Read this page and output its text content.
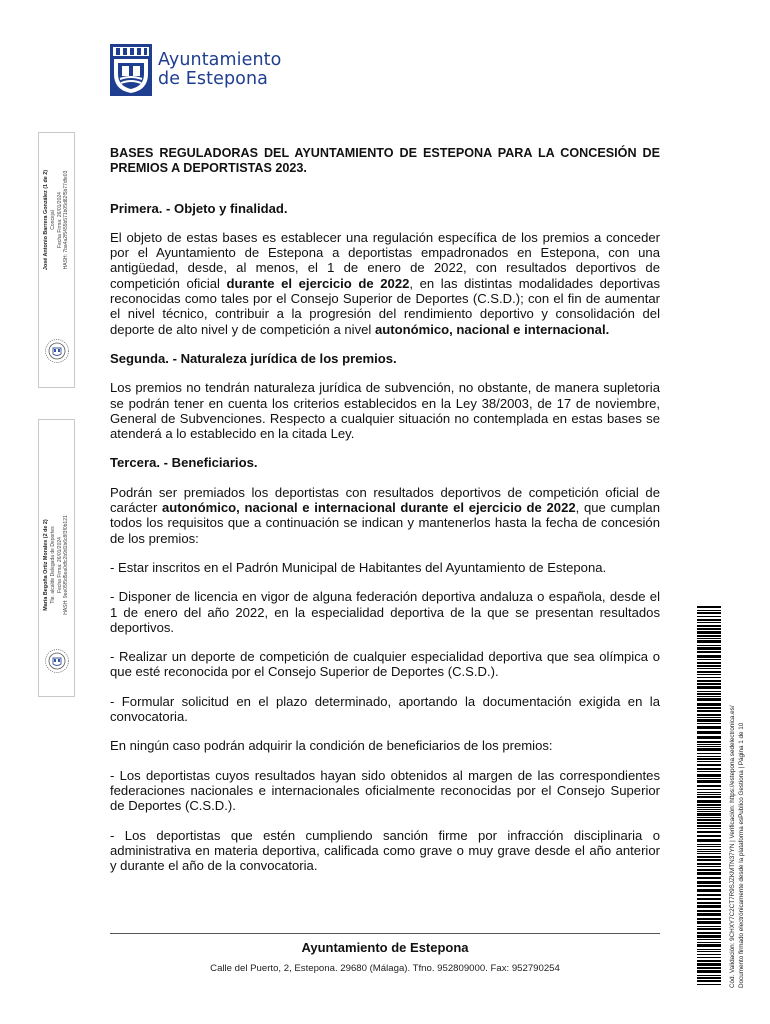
Ayuntamiento
de Estepona
José Antonio Barrera González (1 de 2) Concejal Fecha Firma: 26/01/2024 HASH: 7ba4a2f5455b571b05d82f5b77dfe03
María Begoña Ortiz Morales (2 de 2) Tte. alcalde Delegada de Deportes Fecha Firma: 26/01/2024 HASH: 9ee05f5d5ea0dfc2b9d1b6c8f3f0b121
BASES REGULADORAS DEL AYUNTAMIENTO DE ESTEPONA PARA LA CONCESIÓN DE PREMIOS A DEPORTISTAS 2023.
Primera. - Objeto y finalidad.
El objeto de estas bases es establecer una regulación específica de los premios a conceder por el Ayuntamiento de Estepona a deportistas empadronados en Estepona, con una antigüedad, desde, al menos, el 1 de enero de 2022, con resultados deportivos de competición oficial durante el ejercicio de 2022, en las distintas modalidades deportivas reconocidas como tales por el Consejo Superior de Deportes (C.S.D.); con el fin de aumentar el nivel técnico, contribuir a la progresión del rendimiento deportivo y consolidación del deporte de alto nivel y de competición a nivel autonómico, nacional e internacional.
Segunda. - Naturaleza jurídica de los premios.
Los premios no tendrán naturaleza jurídica de subvención, no obstante, de manera supletoria se podrán tener en cuenta los criterios establecidos en la Ley 38/2003, de 17 de noviembre, General de Subvenciones. Respecto a cualquier situación no contemplada en estas bases se atenderá a lo establecido en la citada Ley.
Tercera. - Beneficiarios.
Podrán ser premiados los deportistas con resultados deportivos de competición oficial de carácter autonómico, nacional e internacional durante el ejercicio de 2022, que cumplan todos los requisitos que a continuación se indican y mantenerlos hasta la fecha de concesión de los premios:
- Estar inscritos en el Padrón Municipal de Habitantes del Ayuntamiento de Estepona.
- Disponer de licencia en vigor de alguna federación deportiva andaluza o española, desde el 1 de enero del año 2022, en la especialidad deportiva de la que se presentan resultados deportivos.
- Realizar un deporte de competición de cualquier especialidad deportiva que sea olímpica o que esté reconocida por el Consejo Superior de Deportes (C.S.D.).
- Formular solicitud en el plazo determinado, aportando la documentación exigida en la convocatoria.
En ningún caso podrán adquirir la condición de beneficiarios de los premios:
- Los deportistas cuyos resultados hayan sido obtenidos al margen de las correspondientes federaciones nacionales e internacionales oficialmente reconocidas por el Consejo Superior de Deportes (C.S.D.).
- Los deportistas que estén cumpliendo sanción firme por infracción disciplinaria o administrativa en materia deportiva, calificada como grave o muy grave desde el año anterior y durante el año de la convocatoria.
Ayuntamiento de Estepona
Calle del Puerto, 2, Estepona. 29680 (Málaga). Tfno. 952809000. Fax: 952790254	Cód. Validación: 9CHXY7C2CT7R9SJZKMTN37YN | Verificación: https://estepona.sedelectronica.es/ Documento firmado electrónicamente desde la plataforma esPublico Gestiona | Página 1 de 10
